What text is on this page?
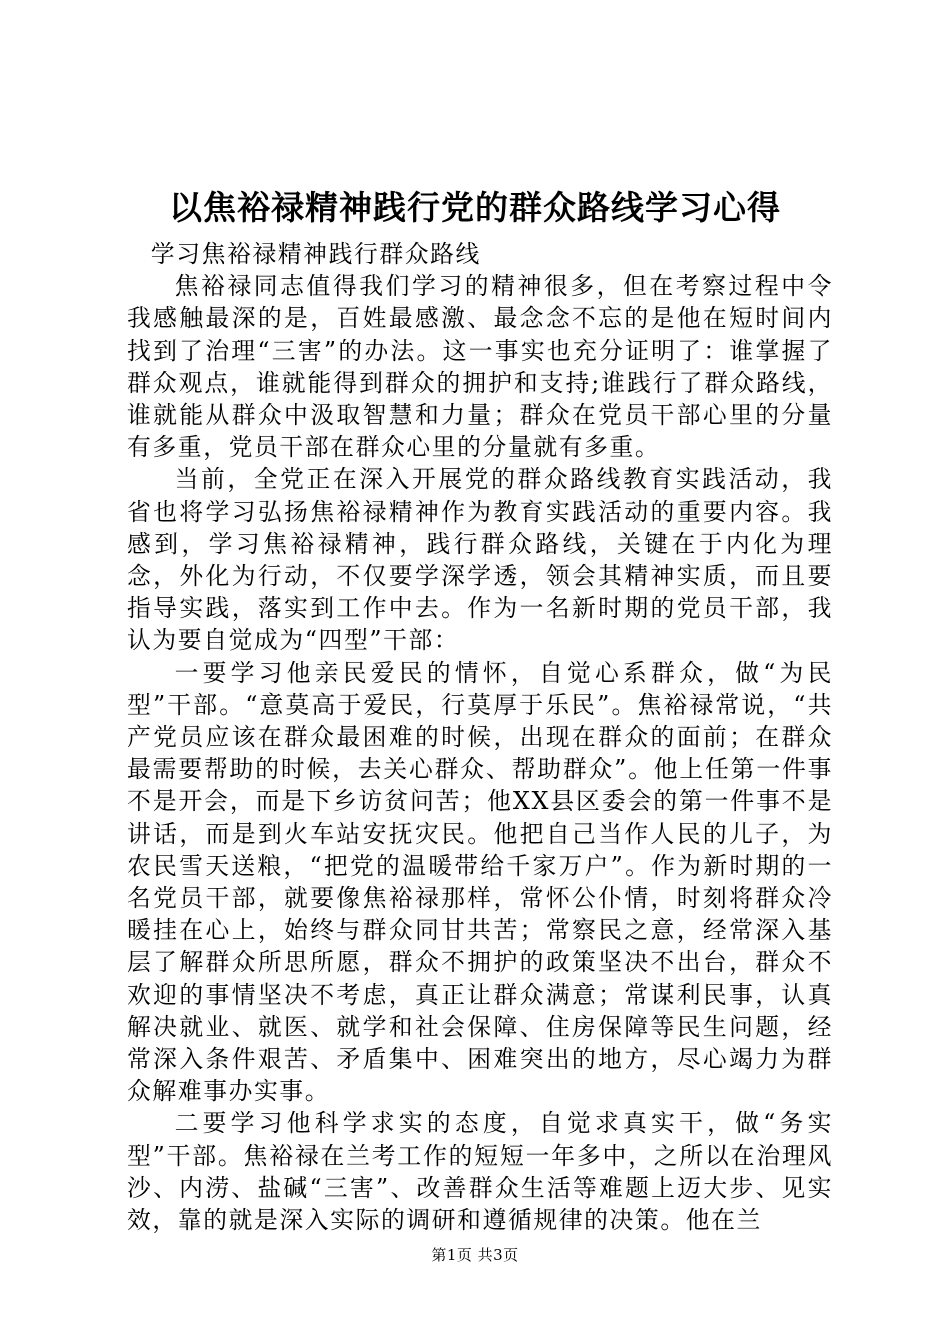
以焦裕禄精神践行党的群众路线学习心得

学习焦裕禄精神践行群众路线

焦裕禄同志值得我们学习的精神很多，但在考察过程中令我感触最深的是，百姓最感激、最念念不忘的是他在短时间内找到了治理“三害”的办法。这一事实也充分证明了：谁掌握了群众观点，谁就能得到群众的拥护和支持;谁践行了群众路线，谁就能从群众中汲取智慧和力量；群众在党员干部心里的分量有多重，党员干部在群众心里的分量就有多重。

当前，全党正在深入开展党的群众路线教育实践活动，我省也将学习弘扬焦裕禄精神作为教育实践活动的重要内容。我感到，学习焦裕禄精神，践行群众路线，关键在于内化为理念，外化为行动，不仅要学深学透，领会其精神实质，而且要指导实践，落实到工作中去。作为一名新时期的党员干部，我认为要自觉成为“四型”干部：

一要学习他亲民爱民的情怀，自觉心系群众，做“为民型”干部。“意莫高于爱民，行莫厚于乐民”。焦裕禄常说，“共产党员应该在群众最困难的时候，出现在群众的面前；在群众最需要帮助的时候，去关心群众、帮助群众”。他上任第一件事不是开会，而是下乡访贫问苦；他XX县区委会的第一件事不是讲话，而是到火车站安抚灾民。他把自己当作人民的儿子，为农民雪天送粮，“把党的温暖带给千家万户”。作为新时期的一名党员干部，就要像焦裕禄那样，常怀公仆情，时刻将群众冷暖挂在心上，始终与群众同甘共苦；常察民之意，经常深入基层了解群众所思所愿，群众不拥护的政策坚决不出台，群众不欢迎的事情坚决不考虑，真正让群众满意；常谋利民事，认真解决就业、就医、就学和社会保障、住房保障等民生问题，经常深入条件艰苦、矛盾集中、困难突出的地方，尽心竭力为群众解难事办实事。

二要学习他科学求实的态度，自觉求真实干，做“务实型”干部。焦裕禄在兰考工作的短短一年多中，之所以在治理风沙、内涝、盐碱“三害”、改善群众生活等难题上迈大步、见实效，靠的就是深入实际的调研和遵循规律的决策。他在兰

第1页 共3页
